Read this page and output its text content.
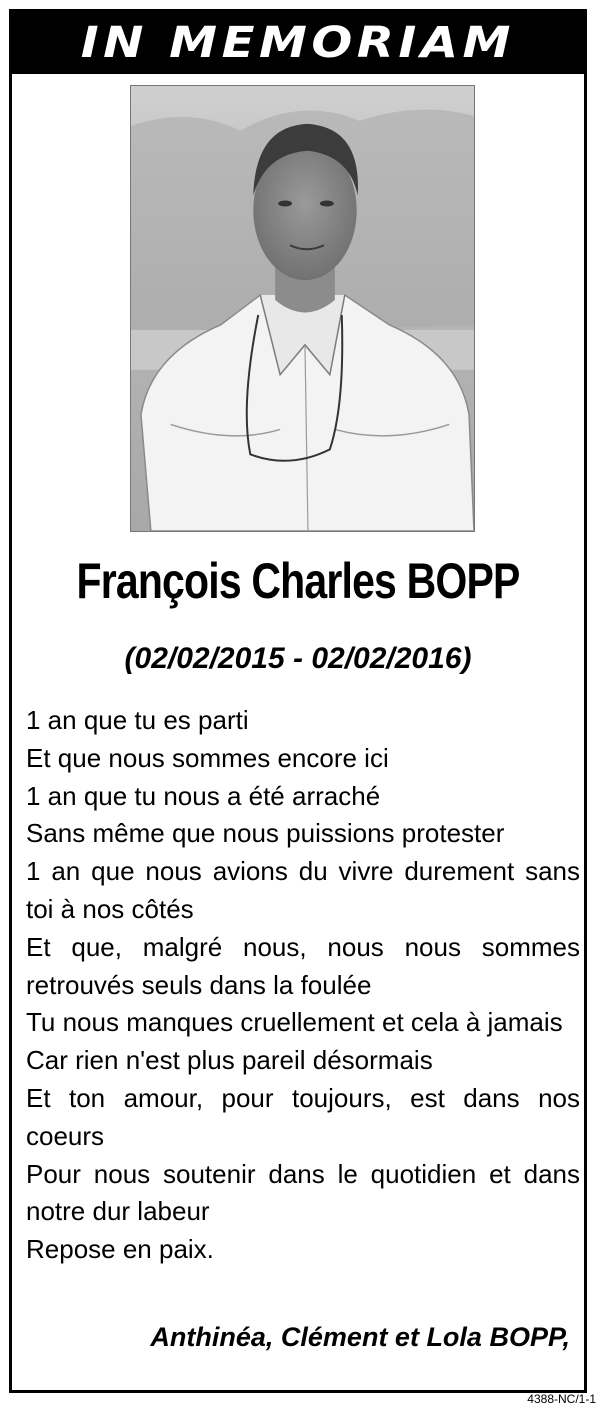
IN MEMORIAM
François Charles BOPP
(02/02/2015 - 02/02/2016)
1 an que tu es parti
Et que nous sommes encore ici
1 an que tu nous a été arraché
Sans même que nous puissions protester
1 an que nous avions du vivre durement sans toi à nos côtés
Et que, malgré nous, nous nous sommes retrouvés seuls dans la foulée
Tu nous manques cruellement et cela à jamais
Car rien n'est plus pareil désormais
Et ton amour, pour toujours, est dans nos coeurs
Pour nous soutenir dans le quotidien et dans notre dur labeur
Repose en paix.
Anthinéa, Clément et Lola BOPP,
4388-NC/1-1
